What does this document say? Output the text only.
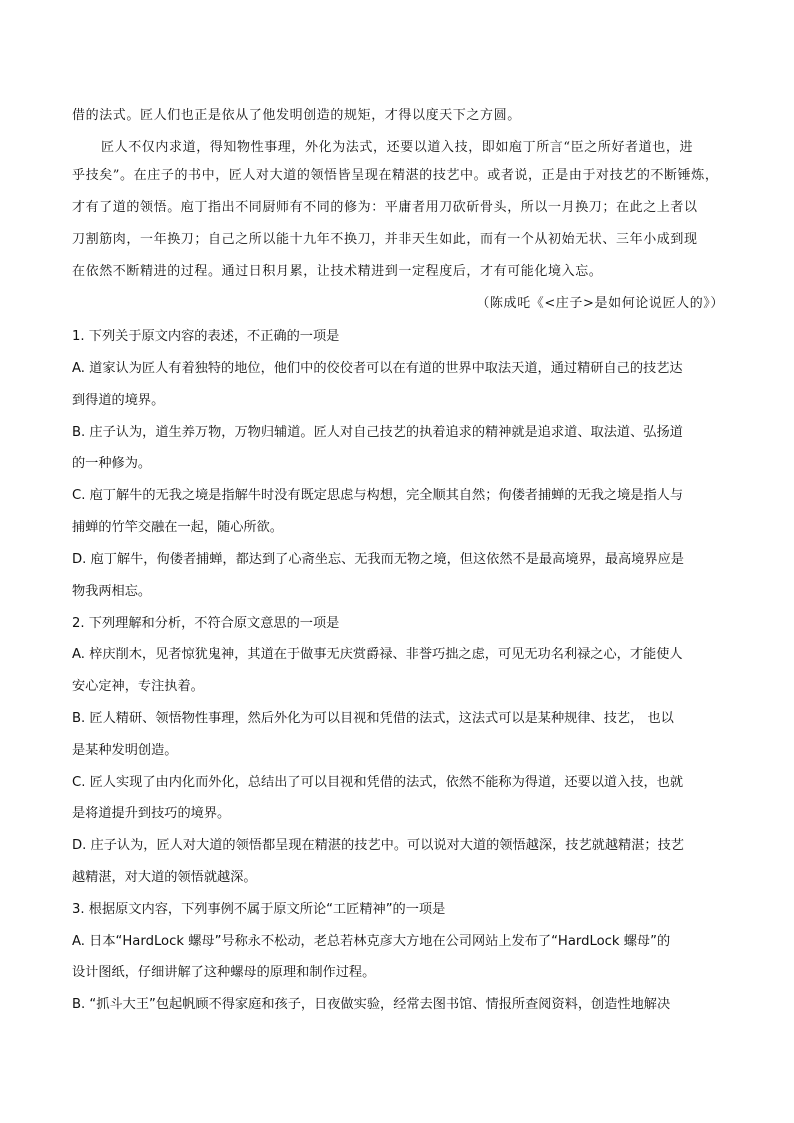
借的法式。匠人们也正是依从了他发明创造的规矩，才得以度天下之方圆。
匠人不仅内求道，得知物性事理，外化为法式，还要以道入技，即如庖丁所言“臣之所好者道也，进
乎技矣”。在庄子的书中，匠人对大道的领悟皆呈现在精湛的技艺中。或者说，正是由于对技艺的不断锤炼，
才有了道的领悟。庖丁指出不同厨师有不同的修为：平庸者用刀砍斫骨头，所以一月换刀；在此之上者以
刀割筋肉，一年换刀；自己之所以能十九年不换刀，并非天生如此，而有一个从初始无状、三年小成到现
在依然不断精进的过程。通过日积月累，让技术精进到一定程度后，才有可能化境入忘。
（陈成吒《<庄子>是如何论说匠人的》）
1. 下列关于原文内容的表述，不正确的一项是
A. 道家认为匠人有着独特的地位，他们中的佼佼者可以在有道的世界中取法天道，通过精研自己的技艺达
到得道的境界。
B. 庄子认为，道生养万物，万物归辅道。匠人对自己技艺的执着追求的精神就是追求道、取法道、弘扬道
的一种修为。
C. 庖丁解牛的无我之境是指解牛时没有既定思虑与构想，完全顺其自然；佝偻者捕蝉的无我之境是指人与
捕蝉的竹竿交融在一起，随心所欲。
D. 庖丁解牛，佝偻者捕蝉，都达到了心斋坐忘、无我而无物之境，但这依然不是最高境界，最高境界应是
物我两相忘。
2. 下列理解和分析，不符合原文意思的一项是
A. 梓庆削木，见者惊犹鬼神，其道在于做事无庆赏爵禄、非誉巧拙之虑，可见无功名利禄之心，才能使人
安心定神，专注执着。
B. 匠人精研、领悟物性事理，然后外化为可以目视和凭借的法式，这法式可以是某种规律、技艺， 也以
是某种发明创造。
C. 匠人实现了由内化而外化，总结出了可以目视和凭借的法式，依然不能称为得道，还要以道入技，也就
是将道提升到技巧的境界。
D. 庄子认为，匠人对大道的领悟都呈现在精湛的技艺中。可以说对大道的领悟越深，技艺就越精湛；技艺
越精湛，对大道的领悟就越深。
3. 根据原文内容，下列事例不属于原文所论“工匠精神”的一项是
A. 日本“HardLock 螺母”号称永不松动，老总若林克彦大方地在公司网站上发布了“HardLock 螺母”的
设计图纸，仔细讲解了这种螺母的原理和制作过程。
B. “抓斗大王”包起帆顾不得家庭和孩子，日夜做实验，经常去图书馆、情报所查阅资料，创造性地解决
